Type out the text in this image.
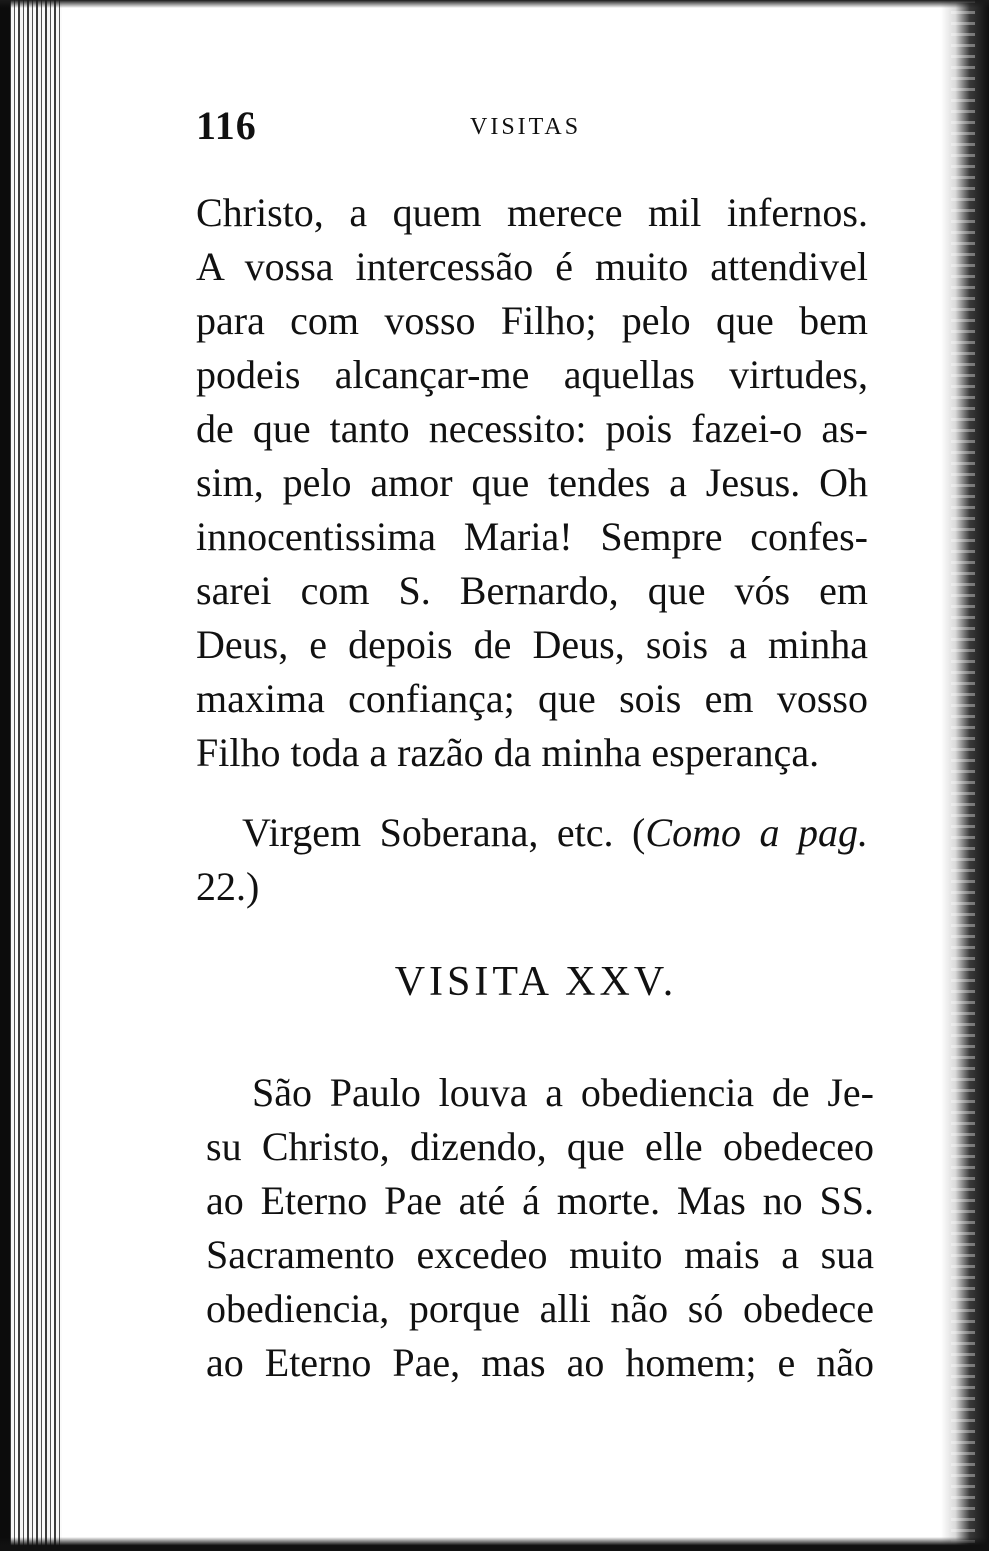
116	VISITAS
Christo, a quem merece mil infernos.
A vossa intercessão é muito attendivel
para com vosso Filho; pelo que bem
podeis alcançar-me aquellas virtudes,
de que tanto necessito: pois fazei-o as-
sim, pelo amor que tendes a Jesus. Oh
innocentissima Maria! Sempre confes-
sarei com S. Bernardo, que vós em
Deus, e depois de Deus, sois a minha
maxima confiança; que sois em vosso
Filho toda a razão da minha esperança.
Virgem Soberana, etc. (Como a pag.
22.)
VISITA XXV.
São Paulo louva a obediencia de Je-
su Christo, dizendo, que elle obedeceo
ao Eterno Pae até á morte. Mas no SS.
Sacramento excedeo muito mais a sua
obediencia, porque alli não só obedece
ao Eterno Pae, mas ao homem; e não
